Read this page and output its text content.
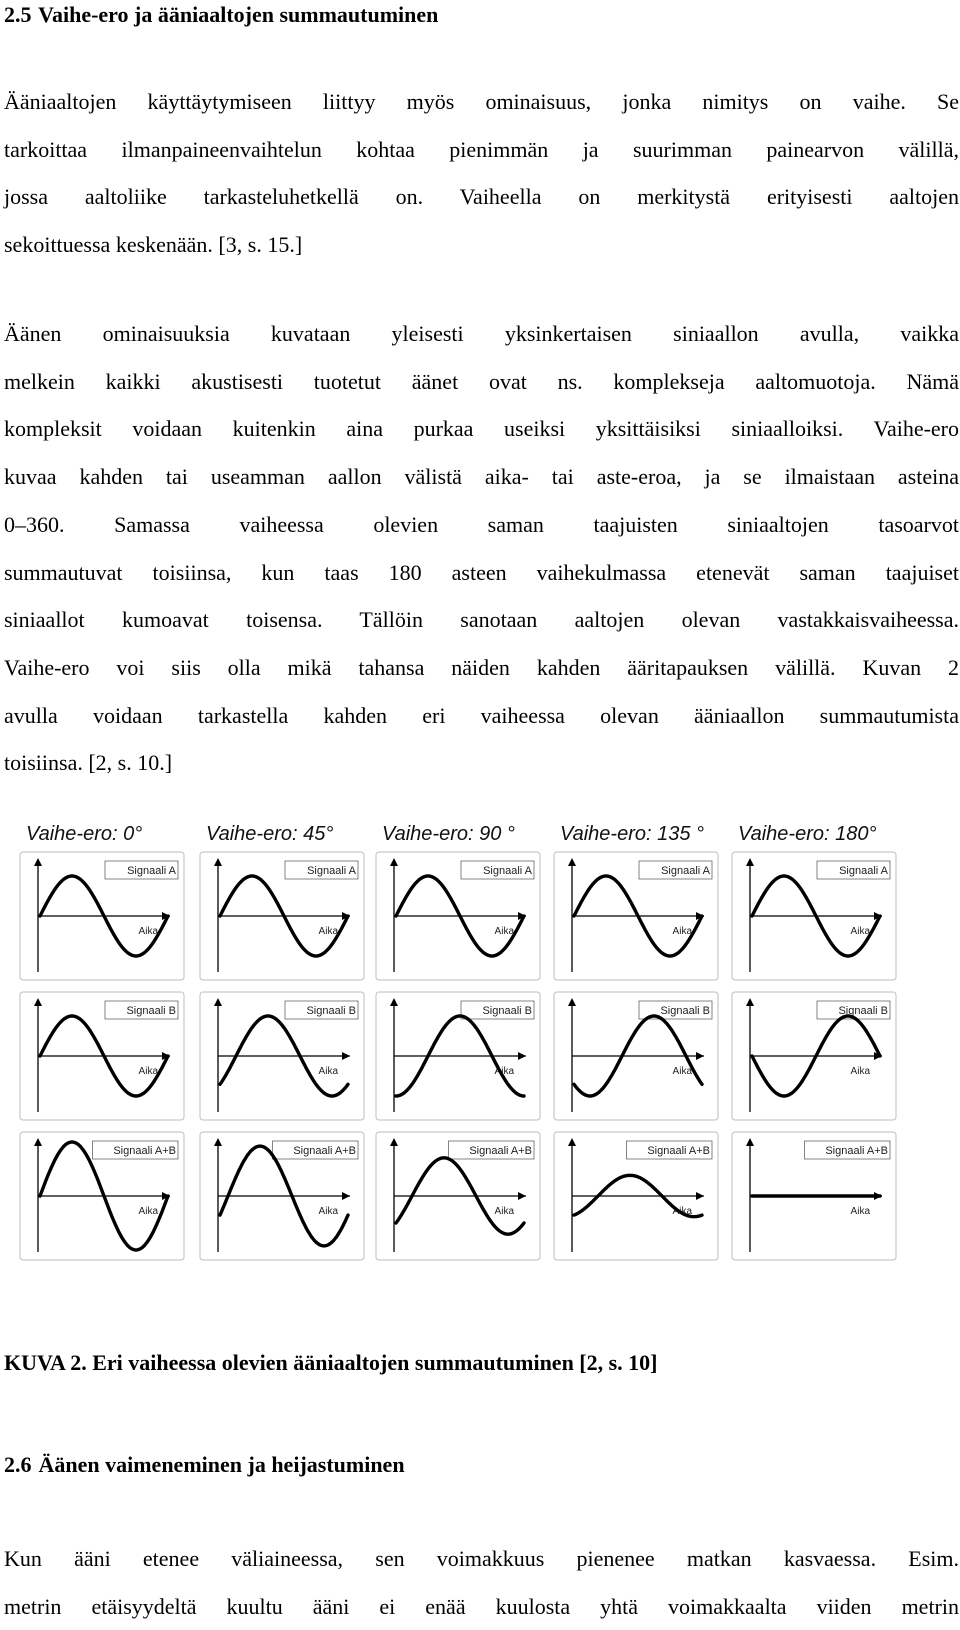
2.5 Vaihe-ero ja ääniaaltojen summautuminen

Ääniaaltojen käyttäytymiseen liittyy myös ominaisuus, jonka nimitys on vaihe. Se
tarkoittaa ilmanpaineenvaihtelun kohtaa pienimmän ja suurimman painearvon välillä,
jossa aaltoliike tarkasteluhetkellä on. Vaiheella on merkitystä erityisesti aaltojen
sekoittuessa keskenään. [3, s. 15.]

Äänen ominaisuuksia kuvataan yleisesti yksinkertaisen siniaallon avulla, vaikka
melkein kaikki akustisesti tuotetut äänet ovat ns. kompleksеja aaltomuotoja. Nämä
kompleksit voidaan kuitenkin aina purkaa useiksi yksittäisiksi siniaalloiksi. Vaihe-ero
kuvaa kahden tai useamman aallon välistä aika- tai aste-eroa, ja se ilmaistaan asteina
0–360. Samassa vaiheessa olevien saman taajuisten siniaaltojen tasoarvot
summautuvat toisiinsa, kun taas 180 asteen vaihekulmassa etenevät saman taajuiset
siniaallot kumoavat toisensa. Tällöin sanotaan aaltojen olevan vastakkaisvaiheessa.
Vaihe-ero voi siis olla mikä tahansa näiden kahden ääritapauksen välillä. Kuvan 2
avulla voidaan tarkastella kahden eri vaiheessa olevan ääniaallon summautumista
toisiinsa. [2, s. 10.]

Vaihe-ero: 0°
Signaali A
Aika
Signaali B
Aika
Signaali A+B
Aika
Vaihe-ero: 45°
Signaali A
Aika
Signaali B
Aika
Signaali A+B
Aika
Vaihe-ero: 90 °
Signaali A
Aika
Signaali B
Aika
Signaali A+B
Aika
Vaihe-ero: 135 °
Signaali A
Aika
Signaali B
Aika
Signaali A+B
Aika
Vaihe-ero: 180°
Signaali A
Aika
Signaali B
Aika
Signaali A+B
Aika

KUVA 2. Eri vaiheessa olevien ääniaaltojen summautuminen [2, s. 10]

2.6 Äänen vaimeneminen ja heijastuminen

Kun ääni etenee väliaineessa, sen voimakkuus pienenee matkan kasvaessa. Esim.
metrin etäisyydeltä kuultu ääni ei enää kuulosta yhtä voimakkaalta viiden metrin
